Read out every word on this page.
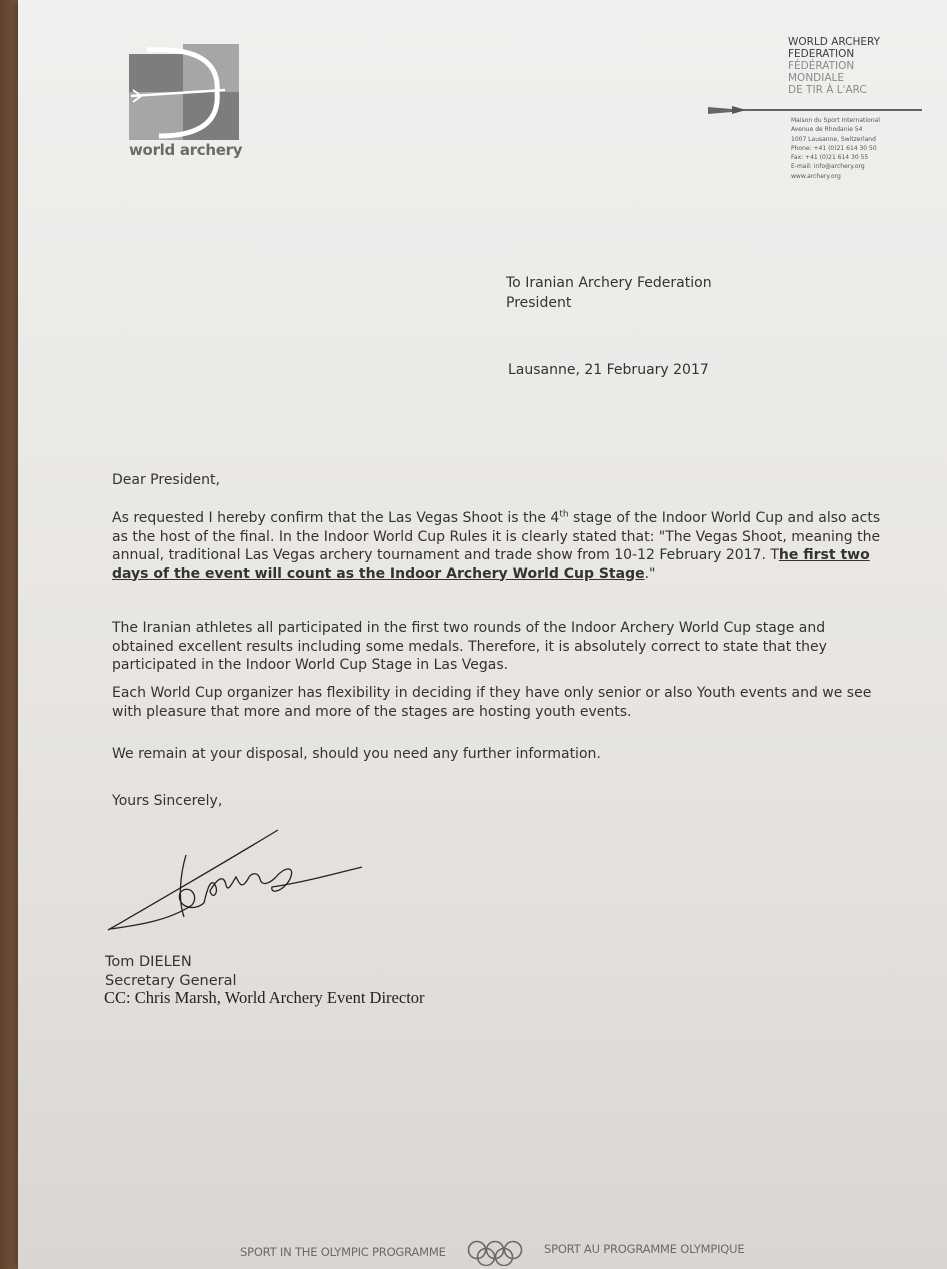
world archery
WORLD ARCHERY
FEDERATION
FÉDÉRATION
MONDIALE
DE TIR À L'ARC
Maison du Sport International
Avenue de Rhodanie 54
1007 Lausanne, Switzerland
Phone: +41 (0)21 614 30 50
Fax: +41 (0)21 614 30 55
E-mail: info@archery.org
www.archery.org
To Iranian Archery Federation
President
Lausanne, 21 February 2017
Dear President,
As requested I hereby confirm that the Las Vegas Shoot is the 4th stage of the Indoor World Cup and also acts as the host of the final. In the Indoor World Cup Rules it is clearly stated that: "The Vegas Shoot, meaning the annual, traditional Las Vegas archery tournament and trade show from 10-12 February 2017. The first two days of the event will count as the Indoor Archery World Cup Stage."
The Iranian athletes all participated in the first two rounds of the Indoor Archery World Cup stage and obtained excellent results including some medals. Therefore, it is absolutely correct to state that they participated in the Indoor World Cup Stage in Las Vegas.
Each World Cup organizer has flexibility in deciding if they have only senior or also Youth events and we see with pleasure that more and more of the stages are hosting youth events.
We remain at your disposal, should you need any further information.
Yours Sincerely,
Tom DIELEN
Secretary General
CC: Chris Marsh, World Archery Event Director
SPORT IN THE OLYMPIC PROGRAMME	SPORT AU PROGRAMME OLYMPIQUE
